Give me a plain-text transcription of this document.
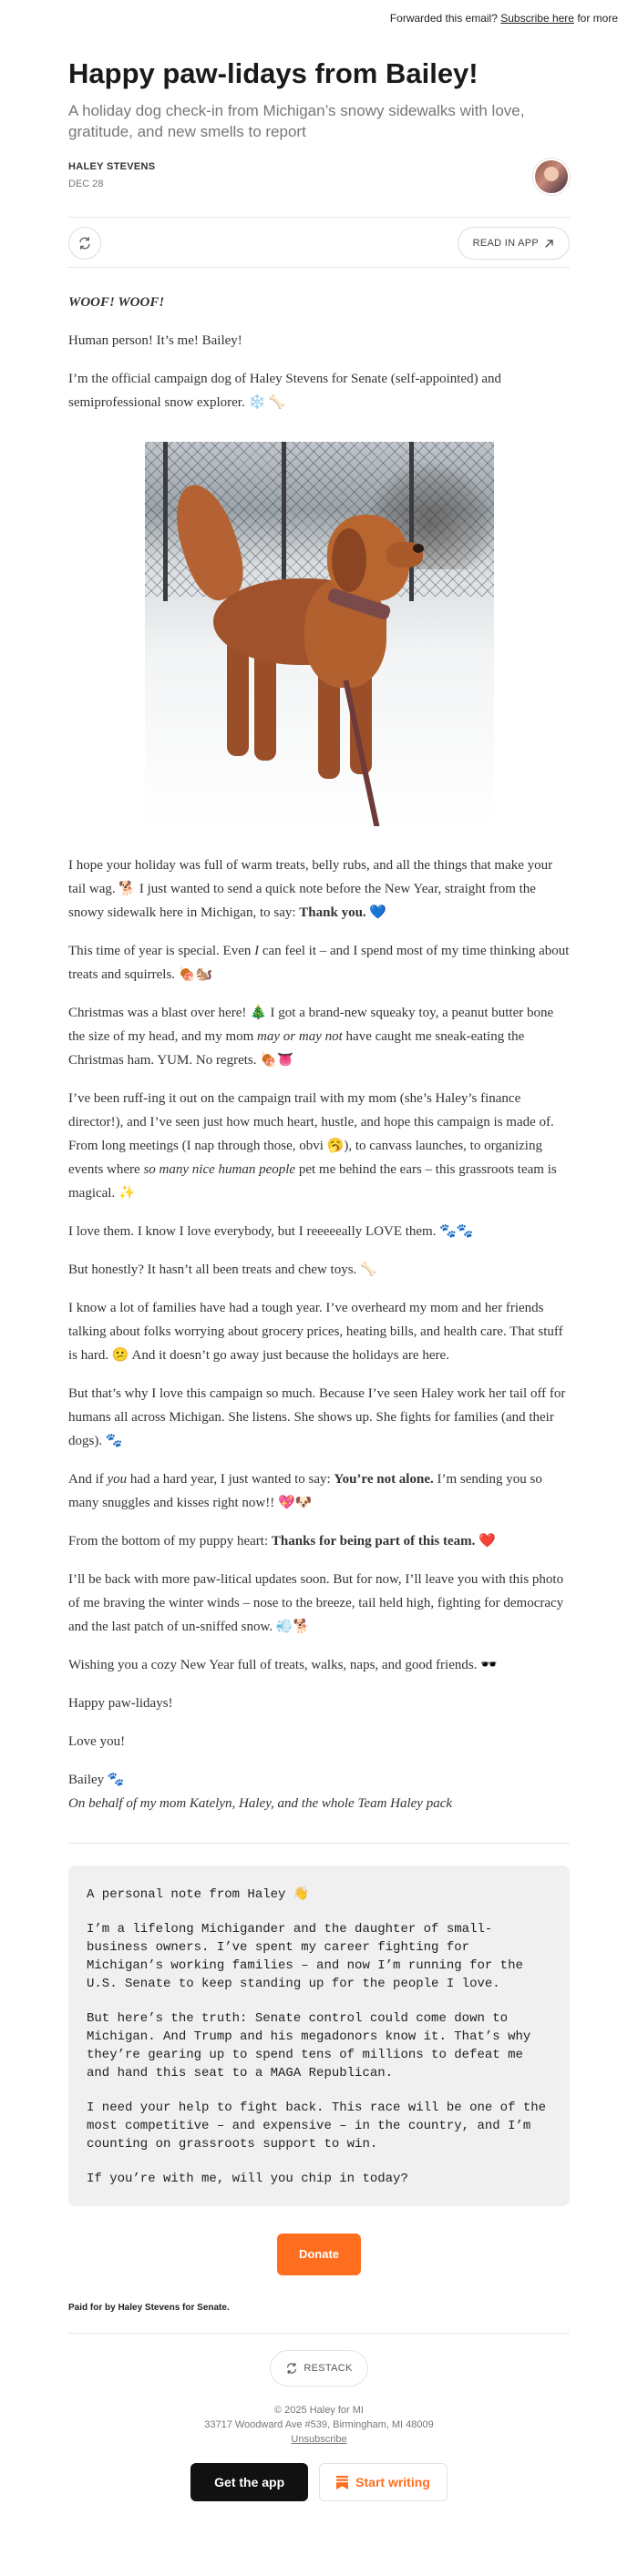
Forwarded this email? Subscribe here for more
Happy paw-lidays from Bailey!
A holiday dog check-in from Michigan’s snowy sidewalks with love, gratitude, and new smells to report
HALEY STEVENS
DEC 28
READ IN APP

WOOF! WOOF!

Human person! It’s me! Bailey!

I’m the official campaign dog of Haley Stevens for Senate (self-appointed) and semiprofessional snow explorer. ❄️ 🦴

I hope your holiday was full of warm treats, belly rubs, and all the things that make your tail wag. 🐕 I just wanted to send a quick note before the New Year, straight from the snowy sidewalk here in Michigan, to say: Thank you. 💙

This time of year is special. Even I can feel it – and I spend most of my time thinking about treats and squirrels. 🍖🐿️

Christmas was a blast over here! 🎄 I got a brand-new squeaky toy, a peanut butter bone the size of my head, and my mom may or may not have caught me sneak-eating the Christmas ham. YUM. No regrets. 🍖👅

I’ve been ruff-ing it out on the campaign trail with my mom (she’s Haley’s finance director!), and I’ve seen just how much heart, hustle, and hope this campaign is made of. From long meetings (I nap through those, obvi 🥱), to canvass launches, to organizing events where so many nice human people pet me behind the ears – this grassroots team is magical. ✨

I love them. I know I love everybody, but I reeeeeally LOVE them. 🐾🐾

But honestly? It hasn’t all been treats and chew toys. 🦴

I know a lot of families have had a tough year. I’ve overheard my mom and her friends talking about folks worrying about grocery prices, heating bills, and health care. That stuff is hard. 😕 And it doesn’t go away just because the holidays are here.

But that’s why I love this campaign so much. Because I’ve seen Haley work her tail off for humans all across Michigan. She listens. She shows up. She fights for families (and their dogs). 🐾

And if you had a hard year, I just wanted to say: You’re not alone. I’m sending you so many snuggles and kisses right now!! 💖🐶

From the bottom of my puppy heart: Thanks for being part of this team. ❤️

I’ll be back with more paw-litical updates soon. But for now, I’ll leave you with this photo of me braving the winter winds – nose to the breeze, tail held high, fighting for democracy and the last patch of un-sniffed snow. 💨🐕

Wishing you a cozy New Year full of treats, walks, naps, and good friends. 🕶️

Happy paw-lidays!

Love you!

Bailey 🐾
On behalf of my mom Katelyn, Haley, and the whole Team Haley pack

A personal note from Haley 👋

I’m a lifelong Michigander and the daughter of small-business owners. I’ve spent my career fighting for Michigan’s working families – and now I’m running for the U.S. Senate to keep standing up for the people I love.

But here’s the truth: Senate control could come down to Michigan. And Trump and his megadonors know it. That’s why they’re gearing up to spend tens of millions to defeat me and hand this seat to a MAGA Republican.

I need your help to fight back. This race will be one of the most competitive – and expensive – in the country, and I’m counting on grassroots support to win.

If you’re with me, will you chip in today?

Donate
Paid for by Haley Stevens for Senate.
RESTACK
© 2025 Haley for MI
33717 Woodward Ave #539, Birmingham, MI 48009
Unsubscribe
Get the app	Start writing
